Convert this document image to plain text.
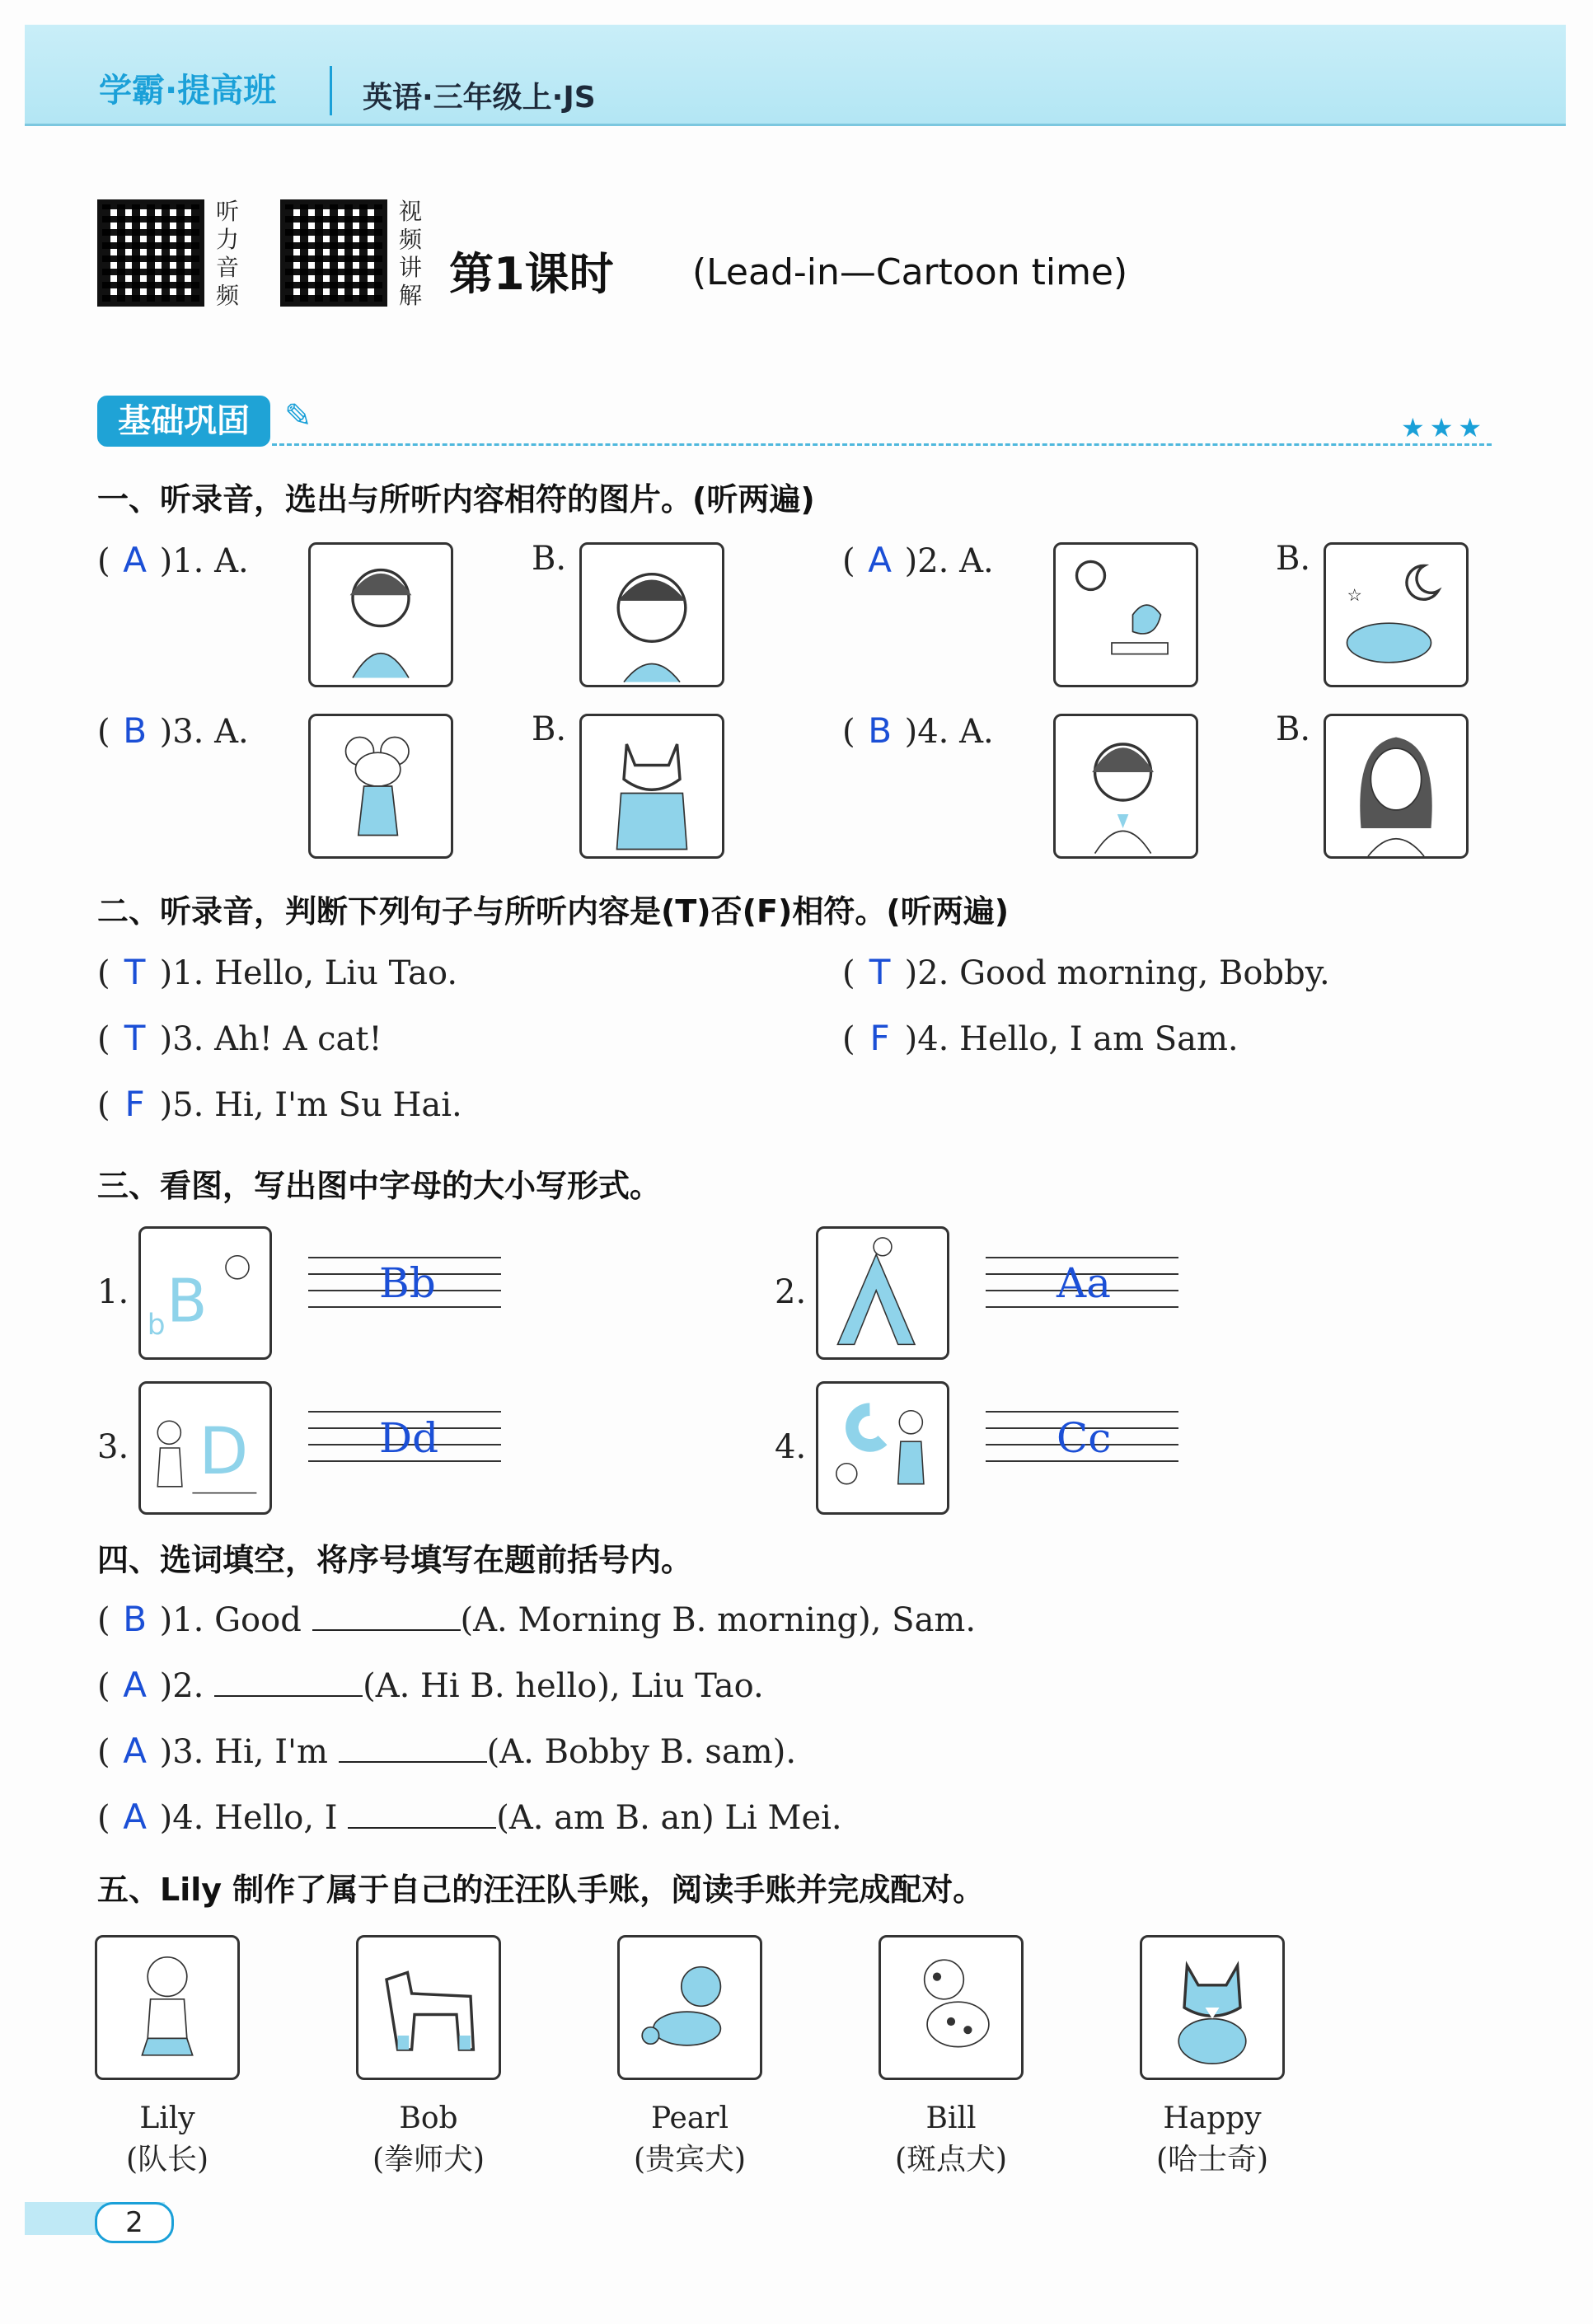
学霸·提高班	英语·三年级上·JS
听力音频
视频讲解 第1课时 (Lead-in—Cartoon time)
基础巩固	✎	★★★
一、听录音，选出与所听内容相符的图片。(听两遍)
( A )1. A.	B.	( A )2. A.	B.
☆
( B )3. A.	B.	( B )4. A.	B.
二、听录音，判断下列句子与所听内容是(T)否(F)相符。(听两遍)
( T )1. Hello, Liu Tao.	( T )2. Good morning, Bobby.
( T )3. Ah! A cat!	( F )4. Hello, I am Sam.
( F )5. Hi, I'm Su Hai.
三、看图，写出图中字母的大小写形式。
1. B
b
Bb	2.	Aa
3. D	Dd	4.	Cc
四、选词填空，将序号填写在题前括号内。
( B )1. Good	(A. Morning B. morning), Sam.
( A )2.	(A. Hi B. hello), Liu Tao.
( A )3. Hi, I'm	(A. Bobby B. sam).
( A )4. Hello, I	(A. am B. an) Li Mei.
五、Lily 制作了属于自己的汪汪队手账，阅读手账并完成配对。
Lily
(队长)
Bob
(拳师犬)
Pearl
(贵宾犬)
Bill
(斑点犬)
Happy
(哈士奇)
2
